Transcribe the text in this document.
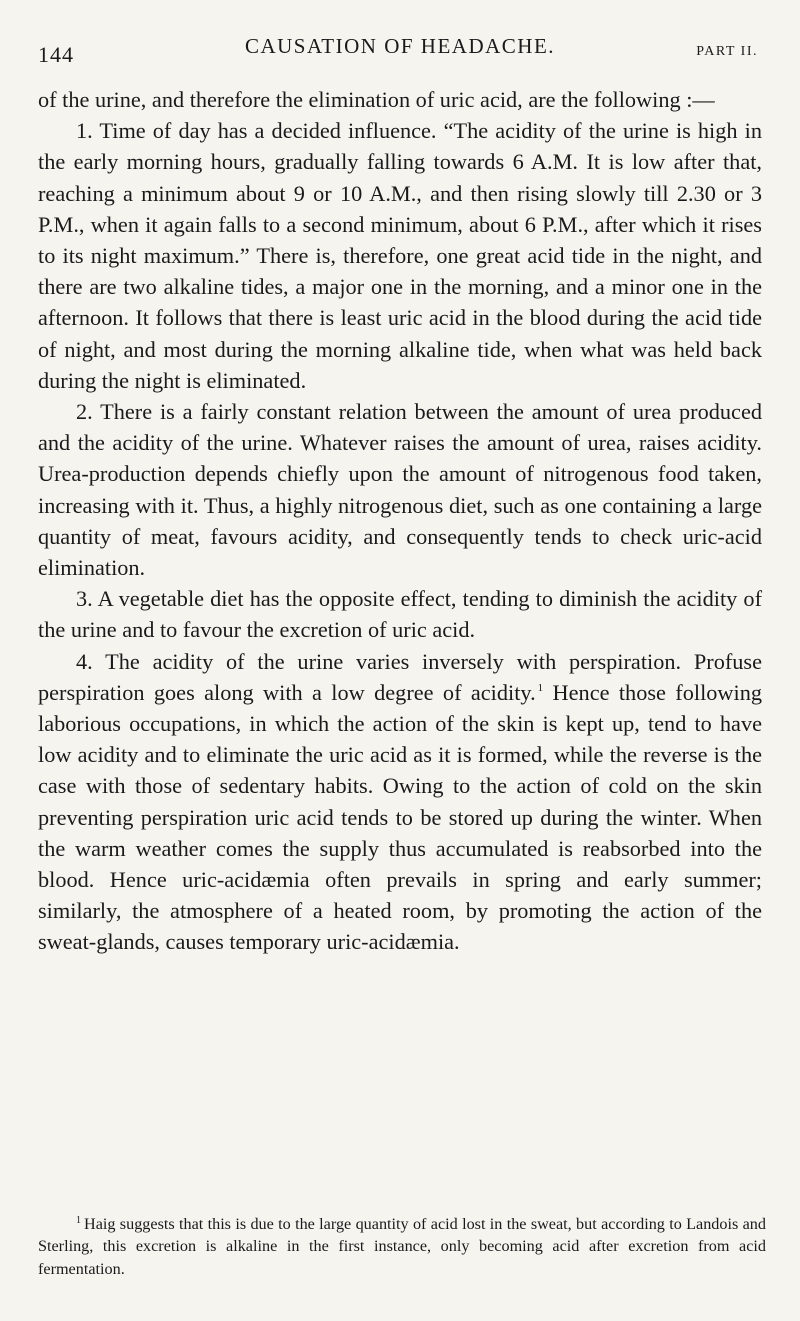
144	CAUSATION OF HEADACHE.	PART II.

of the urine, and therefore the elimination of uric acid, are the following :—

1. Time of day has a decided influence. “The acidity of the urine is high in the early morning hours, gradually falling towards 6 A.M. It is low after that, reaching a minimum about 9 or 10 A.M., and then rising slowly till 2.30 or 3 P.M., when it again falls to a second minimum, about 6 P.M., after which it rises to its night maximum.” There is, therefore, one great acid tide in the night, and there are two alkaline tides, a major one in the morning, and a minor one in the afternoon. It follows that there is least uric acid in the blood during the acid tide of night, and most during the morning alkaline tide, when what was held back during the night is eliminated.

2. There is a fairly constant relation between the amount of urea produced and the acidity of the urine. Whatever raises the amount of urea, raises acidity. Urea-production depends chiefly upon the amount of nitrogenous food taken, increasing with it. Thus, a highly nitrogenous diet, such as one containing a large quantity of meat, favours acidity, and consequently tends to check uric-acid elimination.

3. A vegetable diet has the opposite effect, tending to diminish the acidity of the urine and to favour the excretion of uric acid.

4. The acidity of the urine varies inversely with perspiration. Profuse perspiration goes along with a low degree of acidity. $^1$ Hence those following laborious occupations, in which the action of the skin is kept up, tend to have low acidity and to eliminate the uric acid as it is formed, while the reverse is the case with those of sedentary habits. Owing to the action of cold on the skin preventing perspiration uric acid tends to be stored up during the winter. When the warm weather comes the supply thus accumulated is reabsorbed into the blood. Hence uric-acidæmia often prevails in spring and early summer; similarly, the atmosphere of a heated room, by promoting the action of the sweat-glands, causes temporary uric-acidæmia.

$^1$ Haig suggests that this is due to the large quantity of acid lost in the sweat, but according to Landois and Sterling, this excretion is alkaline in the first instance, only becoming acid after excretion from acid fermentation.
